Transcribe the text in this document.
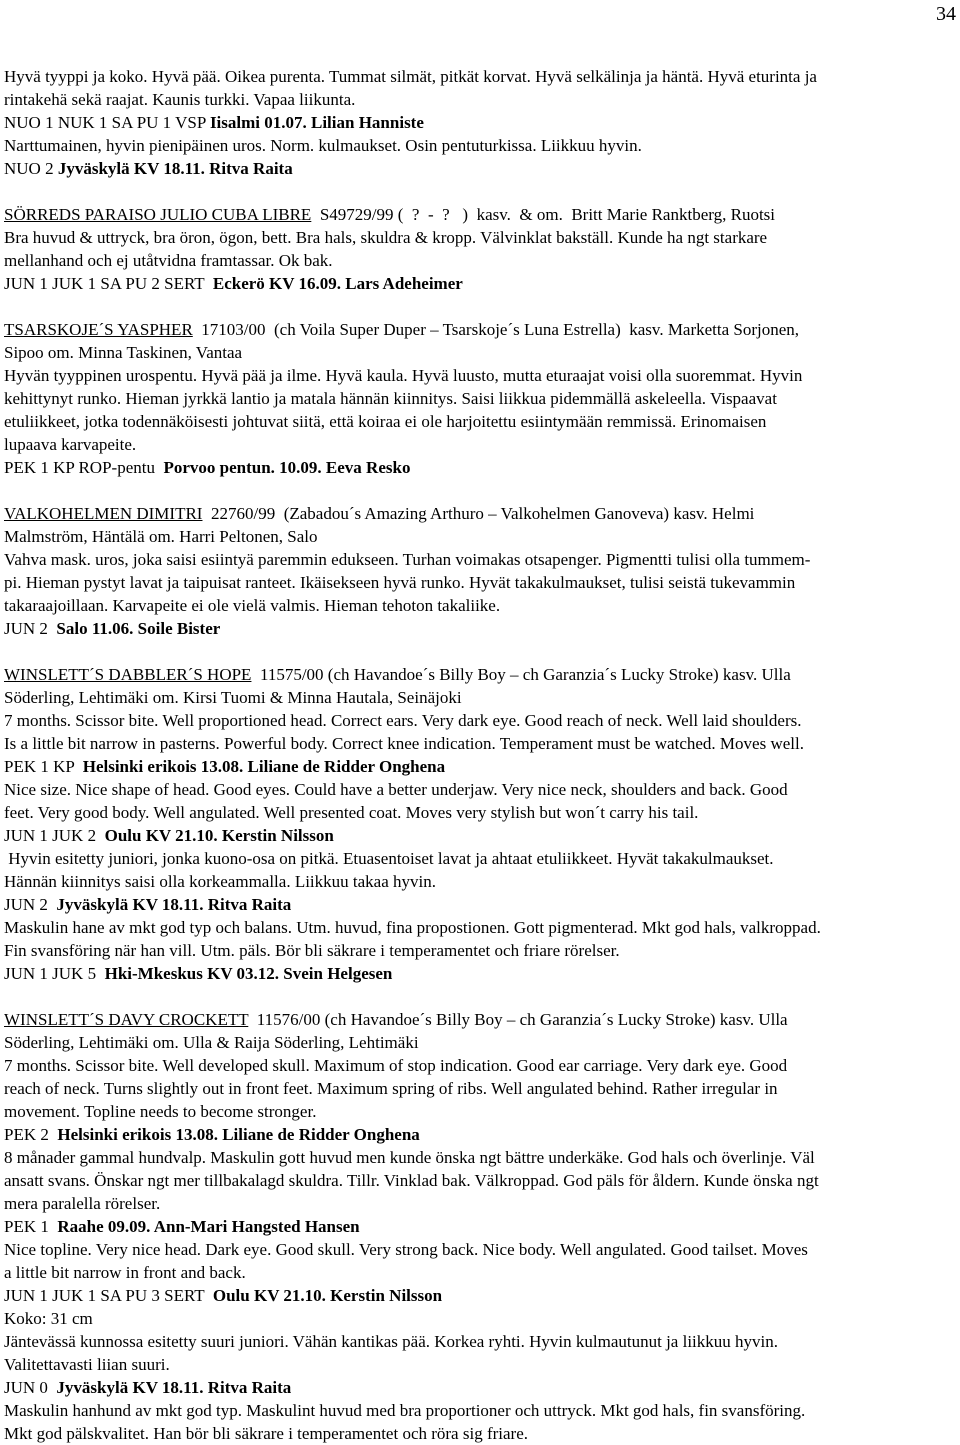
34
Hyvä tyyppi ja koko. Hyvä pää. Oikea purenta. Tummat silmät, pitkät korvat. Hyvä selkälinja ja häntä. Hyvä eturinta ja
rintakehä sekä raajat. Kaunis turkki. Vapaa liikunta.
NUO 1 NUK 1 SA PU 1 VSP Iisalmi 01.07. Lilian Hanniste
Narttumainen, hyvin pienipäinen uros. Norm. kulmaukset. Osin pentuturkissa. Liikkuu hyvin.
NUO 2 Jyväskylä KV 18.11. Ritva Raita
SÖRREDS PARAISO JULIO CUBA LIBRE  S49729/99 (  ?  -  ?   )  kasv.  & om.  Britt Marie Ranktberg, Ruotsi
Bra huvud & uttryck, bra öron, ögon, bett. Bra hals, skuldra & kropp. Välvinklat bakställ. Kunde ha ngt starkare
mellanhand och ej utåtvidna framtassar. Ok bak.
JUN 1 JUK 1 SA PU 2 SERT  Eckerö KV 16.09. Lars Adeheimer
TSARSKOJE´S YASPHER  17103/00  (ch Voila Super Duper – Tsarskoje´s Luna Estrella)  kasv. Marketta Sorjonen,
Sipoo om. Minna Taskinen, Vantaa
Hyvän tyyppinen urospentu. Hyvä pää ja ilme. Hyvä kaula. Hyvä luusto, mutta eturaajat voisi olla suoremmat. Hyvin
kehittynyt runko. Hieman jyrkkä lantio ja matala hännän kiinnitys. Saisi liikkua pidemmällä askeleella. Vispaavat
etuliikkeet, jotka todennäköisesti johtuvat siitä, että koiraa ei ole harjoitettu esiintymään remmissä. Erinomaisen
lupaava karvapeite.
PEK 1 KP ROP-pentu  Porvoo pentun. 10.09. Eeva Resko
VALKOHELMEN DIMITRI  22760/99  (Zabadou´s Amazing Arthuro – Valkohelmen Ganoveva) kasv. Helmi
Malmström, Häntälä om. Harri Peltonen, Salo
Vahva mask. uros, joka saisi esiintyä paremmin edukseen. Turhan voimakas otsapenger. Pigmentti tulisi olla tummem-
pi. Hieman pystyt lavat ja taipuisat ranteet. Ikäisekseen hyvä runko. Hyvät takakulmaukset, tulisi seistä tukevammin
takaraajoillaan. Karvapeite ei ole vielä valmis. Hieman tehoton takaliike.
JUN 2  Salo 11.06. Soile Bister
WINSLETT´S DABBLER´S HOPE  11575/00 (ch Havandoe´s Billy Boy – ch Garanzia´s Lucky Stroke) kasv. Ulla
Söderling, Lehtimäki om. Kirsi Tuomi & Minna Hautala, Seinäjoki
7 months. Scissor bite. Well proportioned head. Correct ears. Very dark eye. Good reach of neck. Well laid shoulders.
Is a little bit narrow in pasterns. Powerful body. Correct knee indication. Temperament must be watched. Moves well.
PEK 1 KP  Helsinki erikois 13.08. Liliane de Ridder Onghena
Nice size. Nice shape of head. Good eyes. Could have a better underjaw. Very nice neck, shoulders and back. Good
feet. Very good body. Well angulated. Well presented coat. Moves very stylish but won´t carry his tail.
JUN 1 JUK 2  Oulu KV 21.10. Kerstin Nilsson
Hyvin esitetty juniori, jonka kuono-osa on pitkä. Etuasentoiset lavat ja ahtaat etuliikkeet. Hyvät takakulmaukset.
Hännän kiinnitys saisi olla korkeammalla. Liikkuu takaa hyvin.
JUN 2  Jyväskylä KV 18.11. Ritva Raita
Maskulin hane av mkt god typ och balans. Utm. huvud, fina propostionen. Gott pigmenterad. Mkt god hals, valkroppad.
Fin svansföring när han vill. Utm. päls. Bör bli säkrare i temperamentet och friare rörelser.
JUN 1 JUK 5  Hki-Mkeskus KV 03.12. Svein Helgesen
WINSLETT´S DAVY CROCKETT  11576/00 (ch Havandoe´s Billy Boy – ch Garanzia´s Lucky Stroke) kasv. Ulla
Söderling, Lehtimäki om. Ulla & Raija Söderling, Lehtimäki
7 months. Scissor bite. Well developed skull. Maximum of stop indication. Good ear carriage. Very dark eye. Good
reach of neck. Turns slightly out in front feet. Maximum spring of ribs. Well angulated behind. Rather irregular in
movement. Topline needs to become stronger.
PEK 2  Helsinki erikois 13.08. Liliane de Ridder Onghena
8 månader gammal hundvalp. Maskulin gott huvud men kunde önska ngt bättre underkäke. God hals och överlinje. Väl
ansatt svans. Önskar ngt mer tillbakalagd skuldra. Tillr. Vinklad bak. Välkroppad. God päls för åldern. Kunde önska ngt
mera paralella rörelser.
PEK 1  Raahe 09.09. Ann-Mari Hangsted Hansen
Nice topline. Very nice head. Dark eye. Good skull. Very strong back. Nice body. Well angulated. Good tailset. Moves
a little bit narrow in front and back.
JUN 1 JUK 1 SA PU 3 SERT  Oulu KV 21.10. Kerstin Nilsson
Koko: 31 cm
Jäntevässä kunnossa esitetty suuri juniori. Vähän kantikas pää. Korkea ryhti. Hyvin kulmautunut ja liikkuu hyvin.
Valitettavasti liian suuri.
JUN 0  Jyväskylä KV 18.11. Ritva Raita
Maskulin hanhund av mkt god typ. Maskulint huvud med bra proportioner och uttryck. Mkt god hals, fin svansföring.
Mkt god pälskvalitet. Han bör bli säkrare i temperamentet och röra sig friare.
